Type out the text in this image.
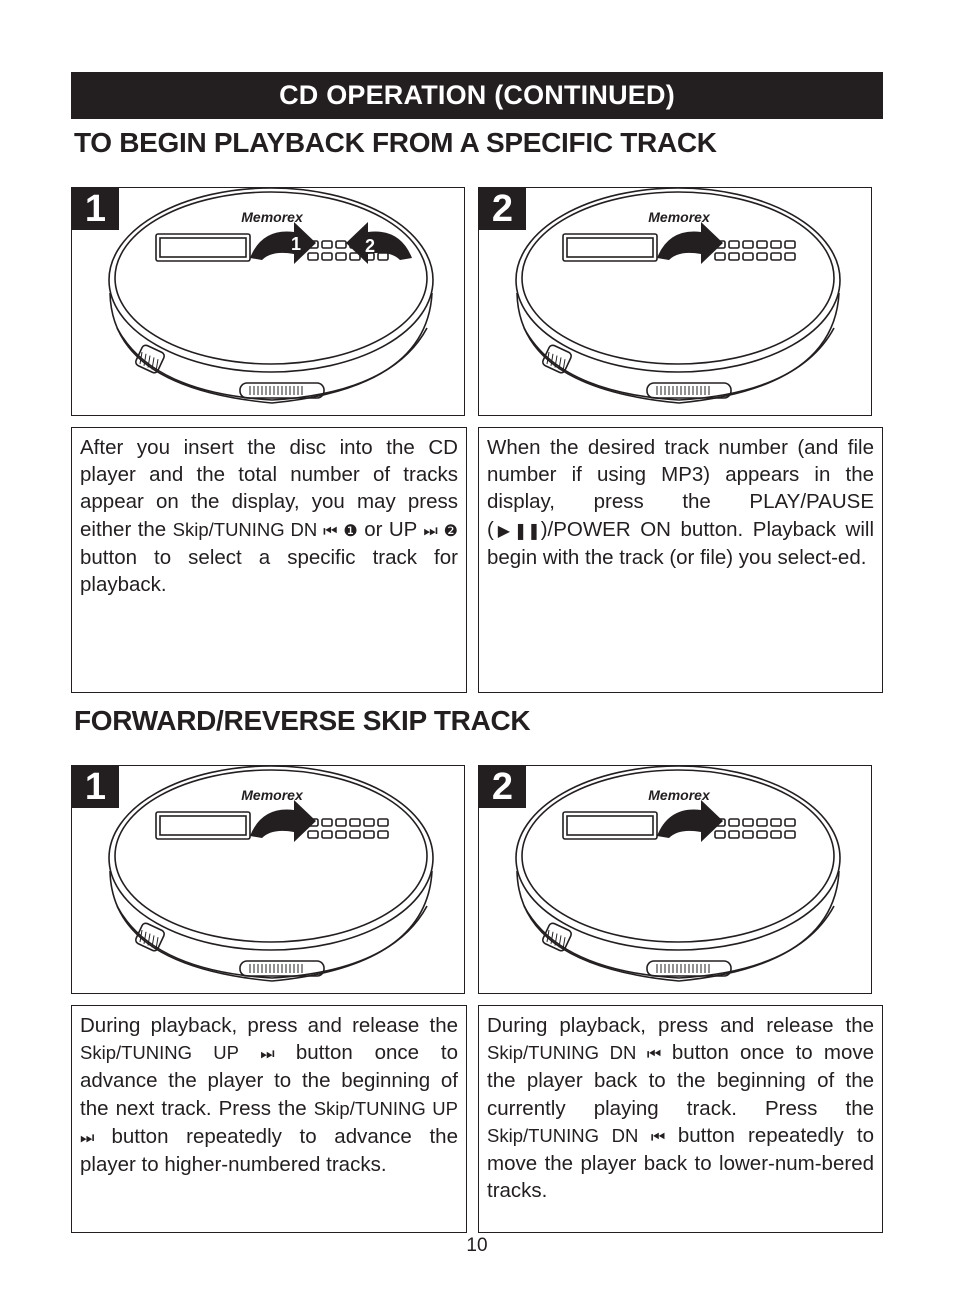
CD OPERATION (CONTINUED)
TO BEGIN PLAYBACK FROM A SPECIFIC TRACK
Memorex
1	2
1	Memorex
2

After you insert the disc into the CD player and the total number of tracks appear on the display, you may press either the Skip/TUNING DN ⏮ ❶ or UP ⏭ ❷ button to select a specific track for playback.

When the desired track number (and file number if using MP3) appears in the display, press the PLAY/PAUSE (▶❚❚)/POWER ON button. Playback will begin with the track (or file) you select-ed.

FORWARD/REVERSE SKIP TRACK
Memorex
1	Memorex
2

During playback, press and release the Skip/TUNING UP ⏭ button once to advance the player to the beginning of the next track. Press the Skip/TUNING UP ⏭ button repeatedly to advance the player to higher-numbered tracks.

During playback, press and release the Skip/TUNING DN ⏮ button once to move the player back to the beginning of the currently playing track. Press the Skip/TUNING DN ⏮ button repeatedly to move the player back to lower-num-bered tracks.

10
